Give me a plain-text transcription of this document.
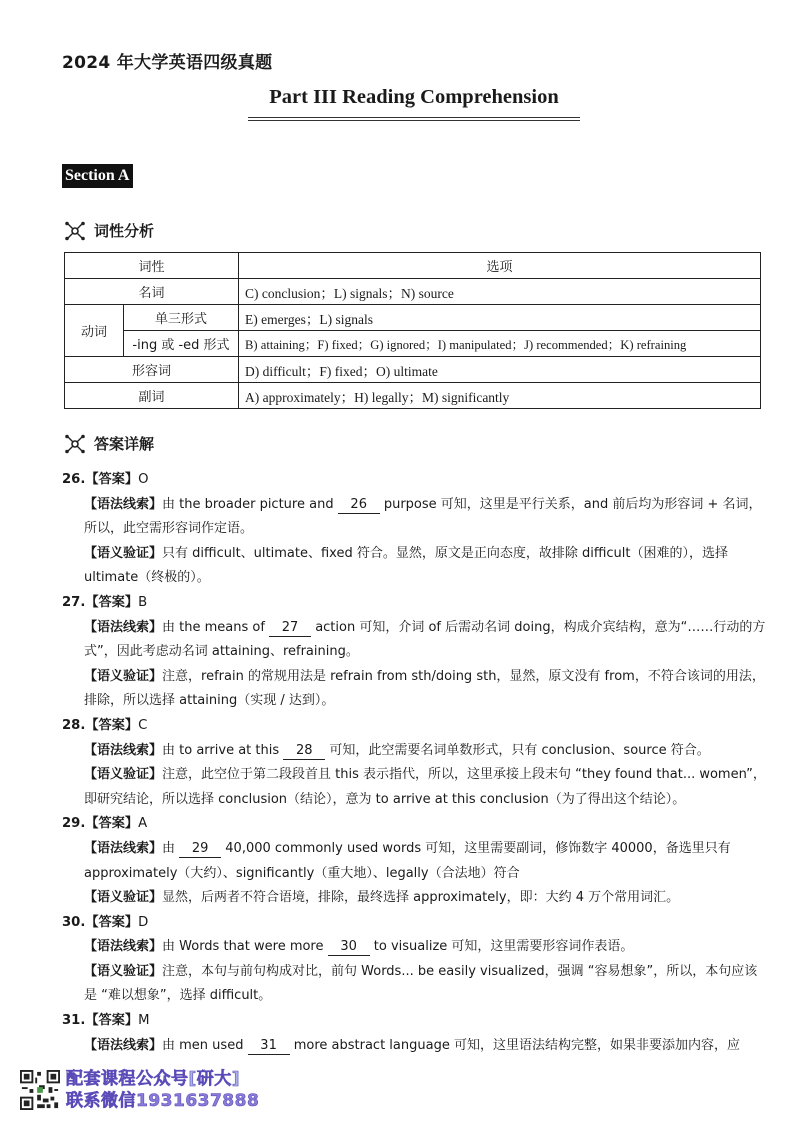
2024 年大学英语四级真题
Part III Reading Comprehension
Section A
词性分析
词性		选项
名词		C) conclusion；L) signals；N) source
动词	单三形式	E) emerges；L) signals
	-ing 或 -ed 形式	B) attaining；F) fixed；G) ignored；I) manipulated；J) recommended；K) refraining
形容词		D) difficult；F) fixed；O) ultimate
副词		A) approximately；H) legally；M) significantly
答案详解
26.【答案】O
【语法线索】由 the broader picture and 26 purpose 可知，这里是平行关系，and 前后均为形容词 + 名词，所以，此空需形容词作定语。
【语义验证】只有 difficult、ultimate、fixed 符合。显然，原文是正向态度，故排除 difficult（困难的），选择 ultimate（终极的）。
27.【答案】B
【语法线索】由 the means of 27 action 可知，介词 of 后需动名词 doing，构成介宾结构，意为“……行动的方式”，因此考虑动名词 attaining、refraining。
【语义验证】注意，refrain 的常规用法是 refrain from sth/doing sth，显然，原文没有 from，不符合该词的用法，排除，所以选择 attaining（实现 / 达到）。
28.【答案】C
【语法线索】由 to arrive at this 28 可知，此空需要名词单数形式，只有 conclusion、source 符合。
【语义验证】注意，此空位于第二段段首且 this 表示指代，所以，这里承接上段末句 “they found that... women”，即研究结论，所以选择 conclusion（结论），意为 to arrive at this conclusion（为了得出这个结论）。
29.【答案】A
【语法线索】由 29 40,000 commonly used words 可知，这里需要副词，修饰数字 40000，备选里只有 approximately（大约）、significantly（重大地）、legally（合法地）符合
【语义验证】显然，后两者不符合语境，排除，最终选择 approximately，即：大约 4 万个常用词汇。
30.【答案】D
【语法线索】由 Words that were more 30 to visualize 可知，这里需要形容词作表语。
【语义验证】注意，本句与前句构成对比，前句 Words... be easily visualized，强调 “容易想象”，所以，本句应该是 “难以想象”，选择 difficult。
31.【答案】M
【语法线索】由 men used 31 more abstract language 可知，这里语法结构完整，如果非要添加内容，应
配套课程公众号[研大]
联系微信1931637888
